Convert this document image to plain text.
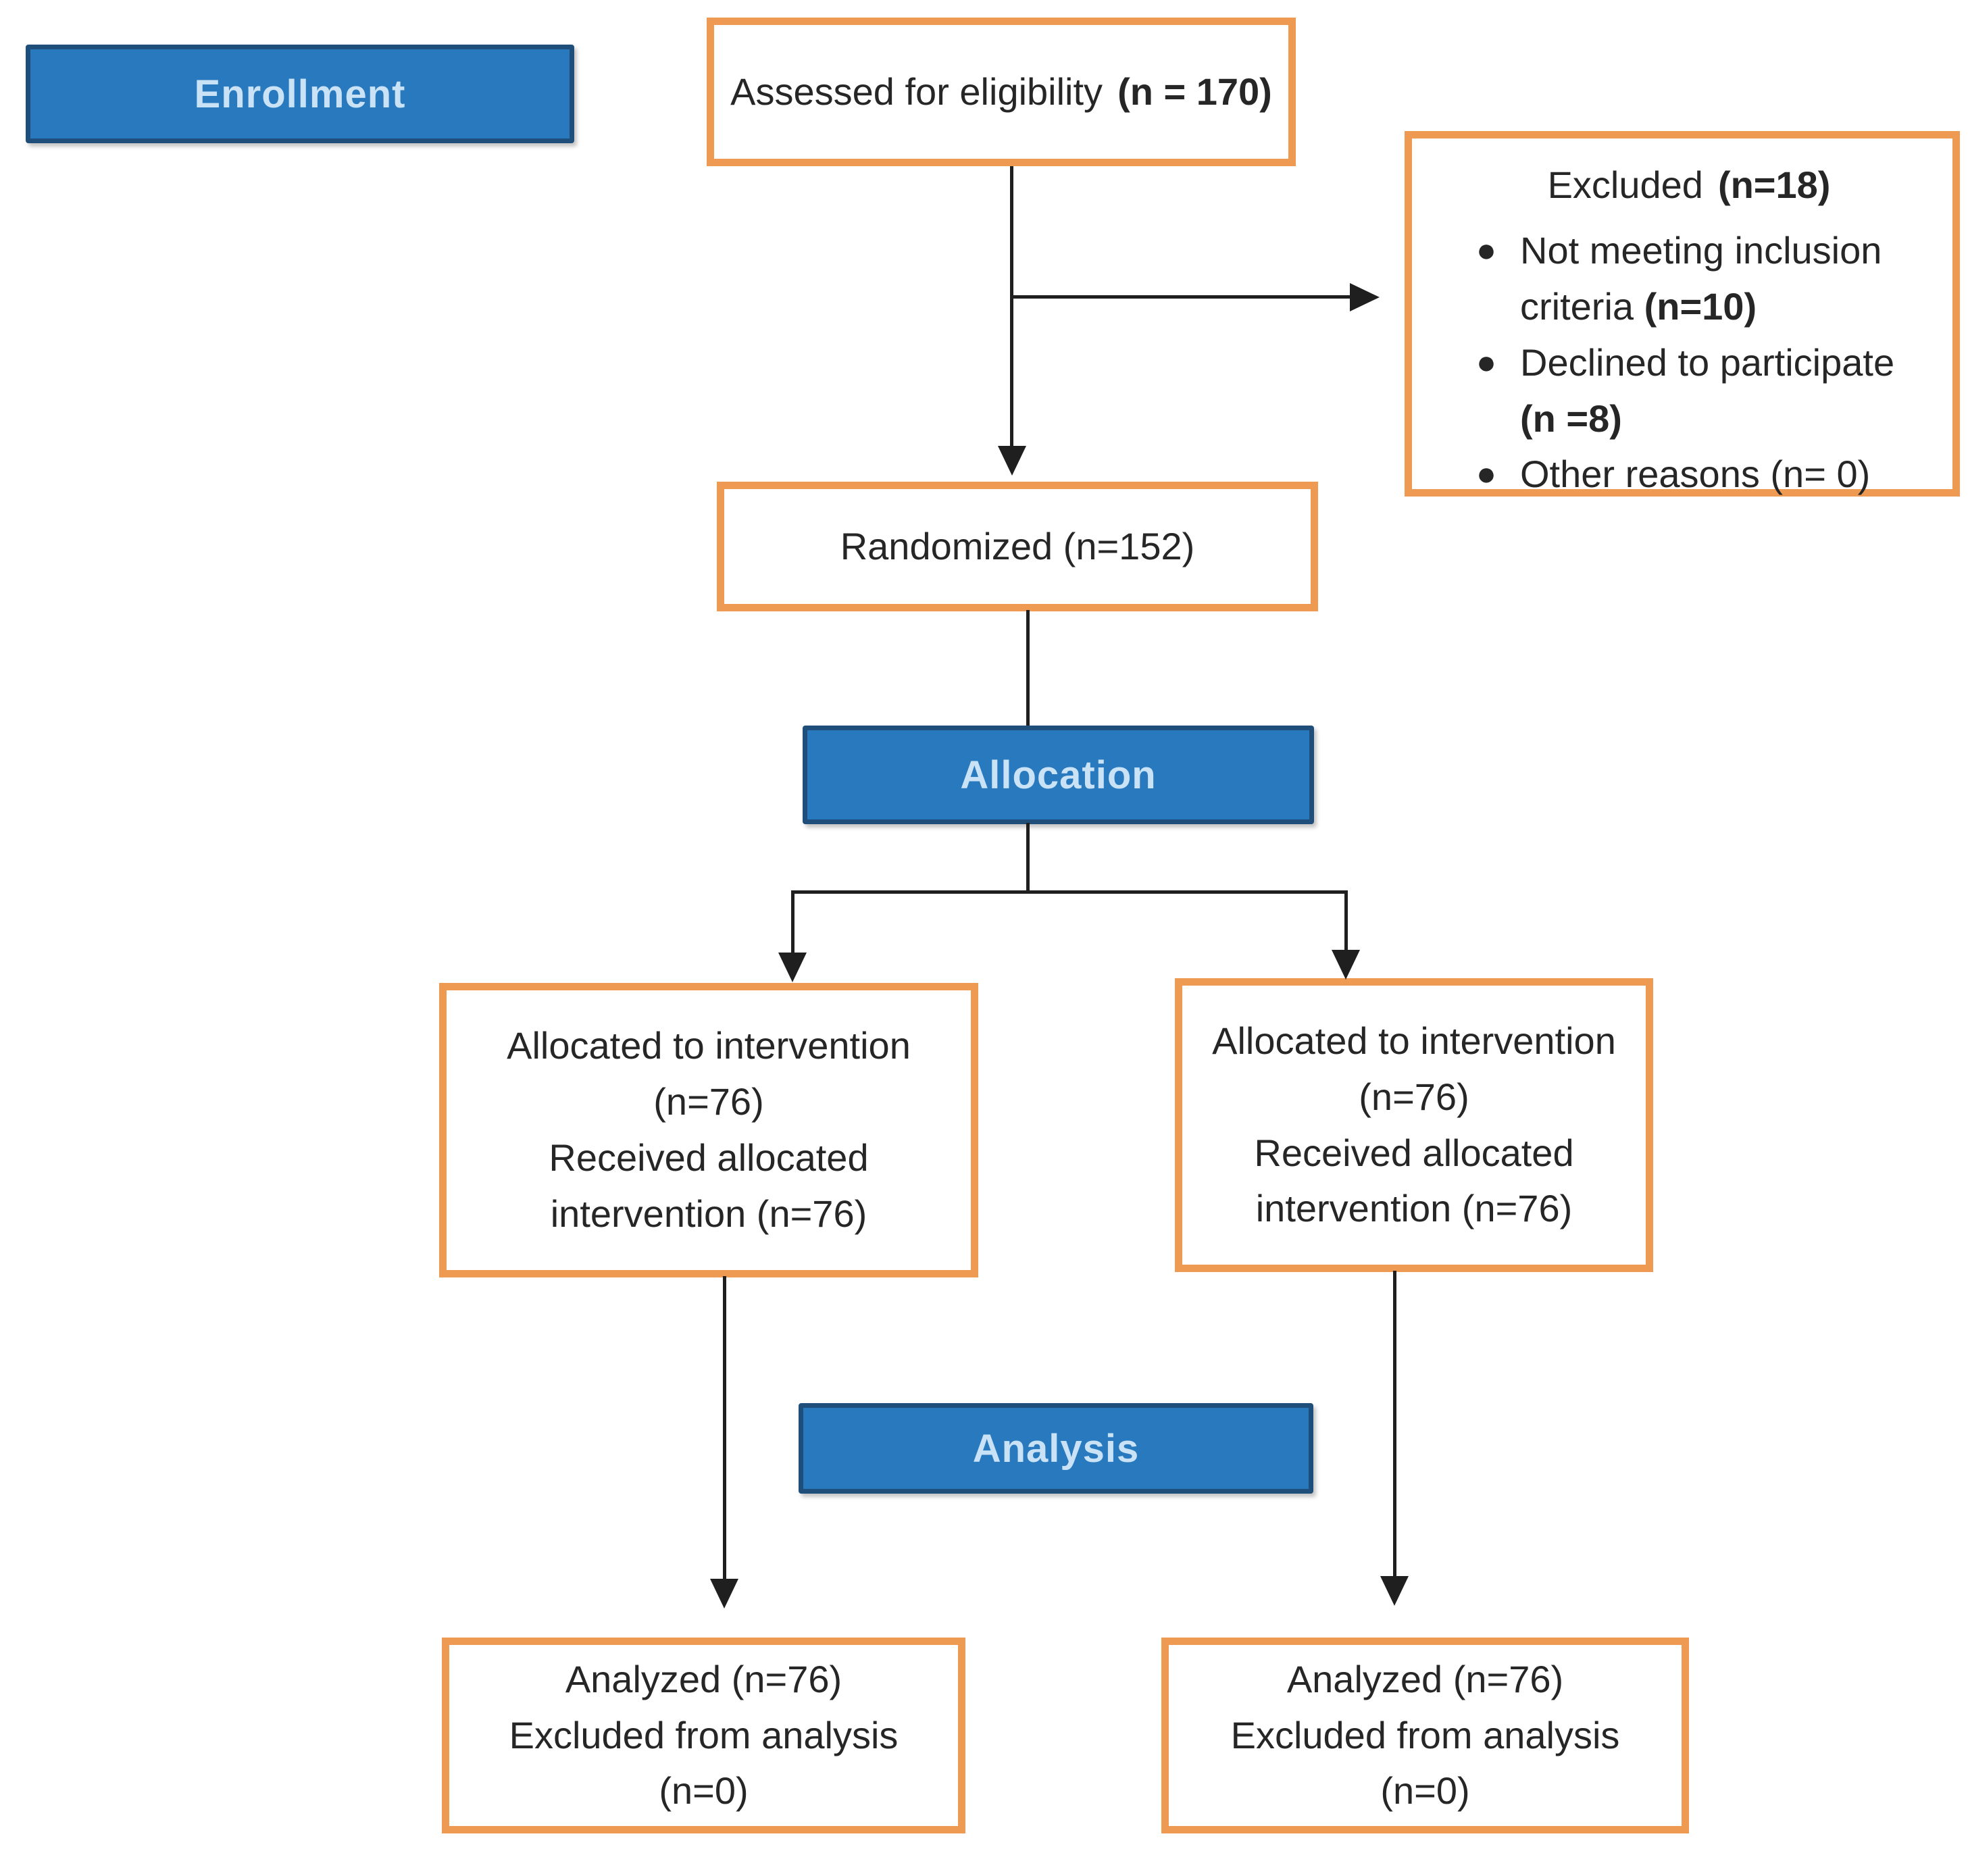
Enrollment
Allocation
Analysis
Assessed for eligibility (n = 170)
Excluded (n=18)
● Not meeting inclusion criteria (n=10)
● Declined to participate (n =8)
● Other reasons (n= 0)
Randomized (n=152)
Allocated to intervention
(n=76)
Received allocated
intervention (n=76)
Allocated to intervention
(n=76)
Received allocated
intervention (n=76)
Analyzed (n=76)
Excluded from analysis
(n=0)
Analyzed (n=76)
Excluded from analysis
(n=0)
